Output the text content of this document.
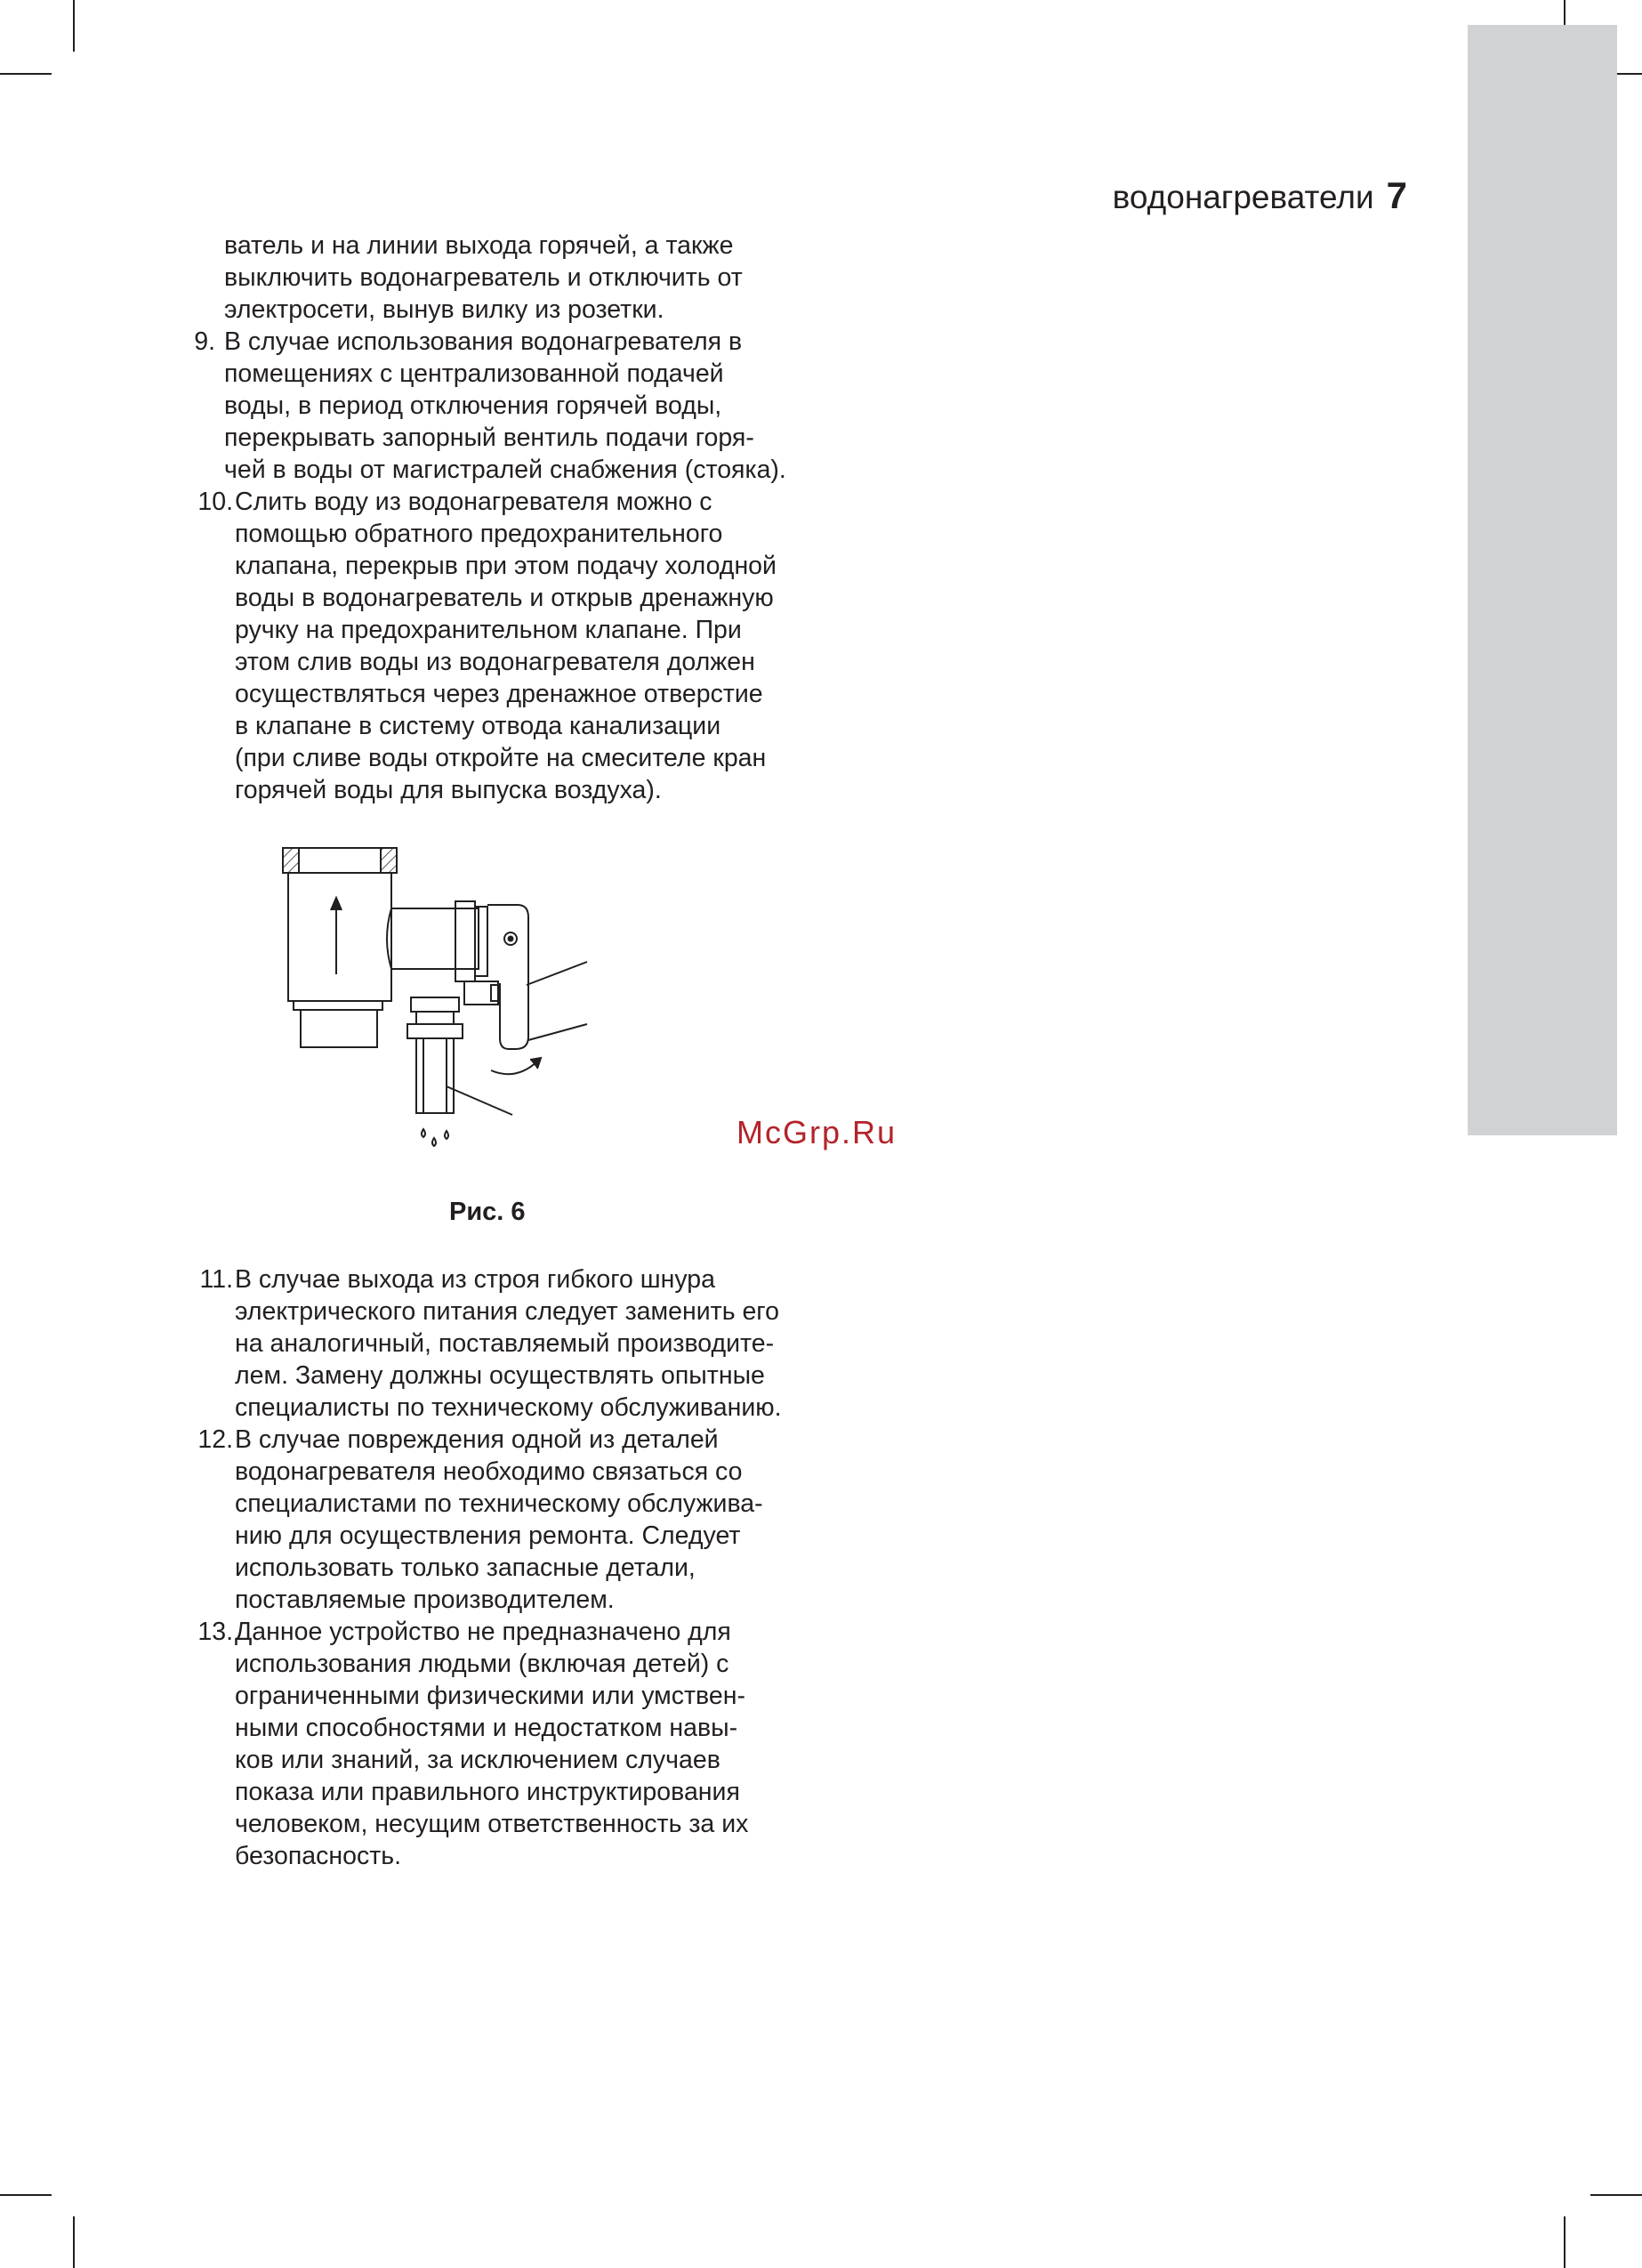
водонагреватели 7
ватель и на линии выхода горячей, а также
выключить водонагреватель и отключить от
электросети, вынув вилку из розетки.
9. В случае использования водонагревателя в
помещениях с централизованной подачей
воды, в период отключения горячей воды,
перекрывать запорный вентиль подачи горя-
чей в воды от магистралей снабжения (стояка).
10. Слить воду из водонагревателя можно с
помощью обратного предохранительного
клапана, перекрыв при этом подачу холодной
воды в водонагреватель и открыв дренажную
ручку на предохранительном клапане. При
этом слив воды из водонагревателя должен
осуществляться через дренажное отверстие
в клапане в систему отвода канализации
(при сливе воды откройте на смесителе кран
горячей воды для выпуска воздуха).
Рис. 6
McGrp.Ru
11. В случае выхода из строя гибкого шнура
электрического питания следует заменить его
на аналогичный, поставляемый производите-
лем. Замену должны осуществлять опытные
специалисты по техническому обслуживанию.
12. В случае повреждения одной из деталей
водонагревателя необходимо связаться со
специалистами по техническому обслужива-
нию для осуществления ремонта. Следует
использовать только запасные детали,
поставляемые производителем.
13. Данное устройство не предназначено для
использования людьми (включая детей) с
ограниченными физическими или умствен-
ными способностями и недостатком навы-
ков или знаний, за исключением случаев
показа или правильного инструктирования
человеком, несущим ответственность за их
безопасность.
